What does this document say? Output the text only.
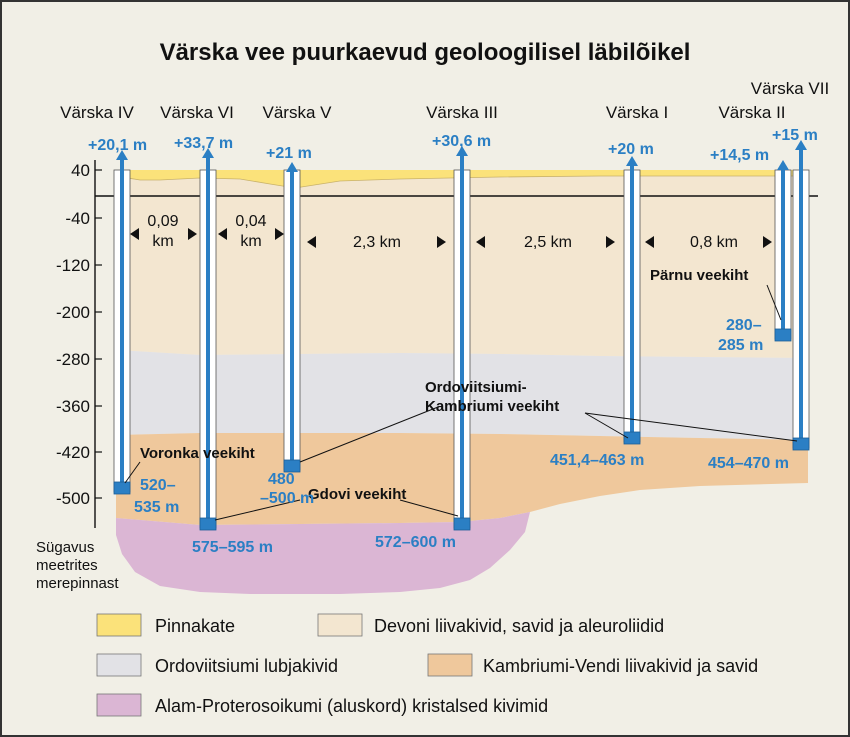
Värska vee puurkaevud geoloogilisel läbilõikel
40
-40
-120
-200
-280
-360
-420
-500
Sügavus
meetrites
merepinnast
Värska IV
+20,1 m
Värska VI
+33,7 m
Värska V
+21 m
Värska III
+30,6 m
Värska I
+20 m
Värska II
+14,5 m
Värska VII
+15 m
0,09
km
0,04
km	2,3 km	2,5 km	0,8 km
Pärnu veekiht
Ordoviitsiumi-
Kambriumi veekiht
Voronka veekiht
Gdovi veekiht
520–
535 m
575–595 m
480
–500 m
572–600 m
451,4–463 m
280–
285 m
454–470 m
Pinnakate	Devoni liivakivid, savid ja aleuroliidid
Ordoviitsiumi lubjakivid	Kambriumi-Vendi liivakivid ja savid
Alam-Proterosoikumi (aluskord) kristalsed kivimid
